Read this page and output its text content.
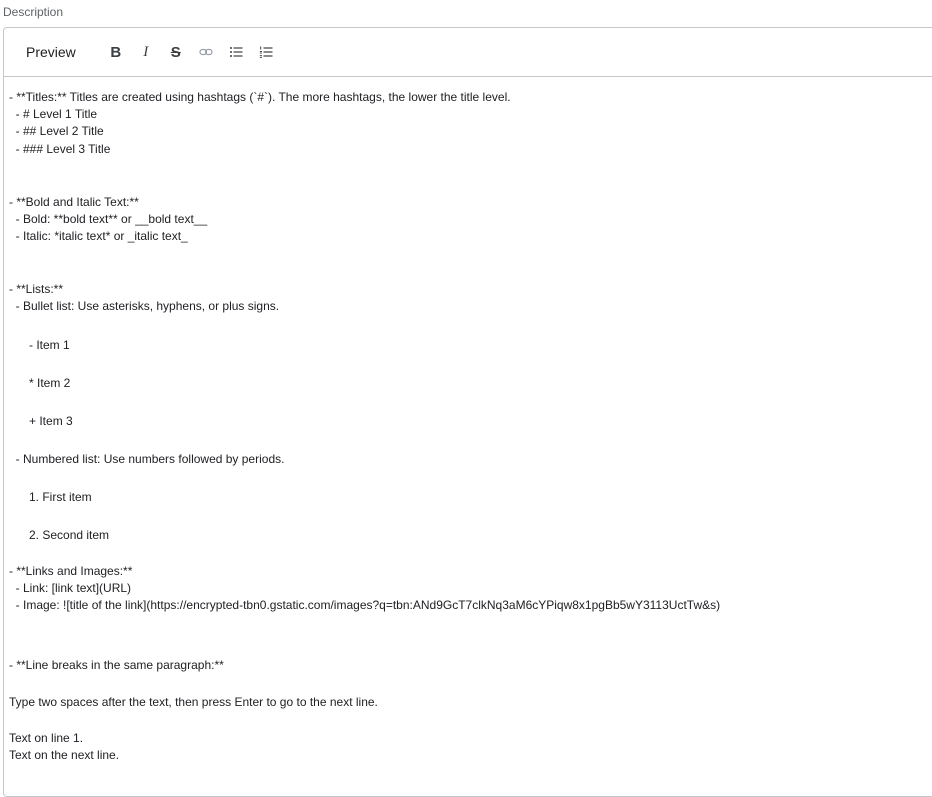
Description
Preview B I S
- **Titles:** Titles are created using hashtags (`#`). The more hashtags, the lower the title level.
- # Level 1 Title
- ## Level 2 Title
- ### Level 3 Title
- **Bold and Italic Text:**
- Bold: **bold text** or __bold text__
- Italic: *italic text* or _italic text_
- **Lists:**
- Bullet list: Use asterisks, hyphens, or plus signs.
- Item 1
* Item 2
+ Item 3
- Numbered list: Use numbers followed by periods.
1. First item
2. Second item
- **Links and Images:**
- Link: [link text](URL)
- Image: ![title of the link](https://encrypted-tbn0.gstatic.com/images?q=tbn:ANd9GcT7clkNq3aM6cYPiqw8x1pgBb5wY3113UctTw&s)
- **Line breaks in the same paragraph:**
Type two spaces after the text, then press Enter to go to the next line.
Text on line 1.
Text on the next line.
